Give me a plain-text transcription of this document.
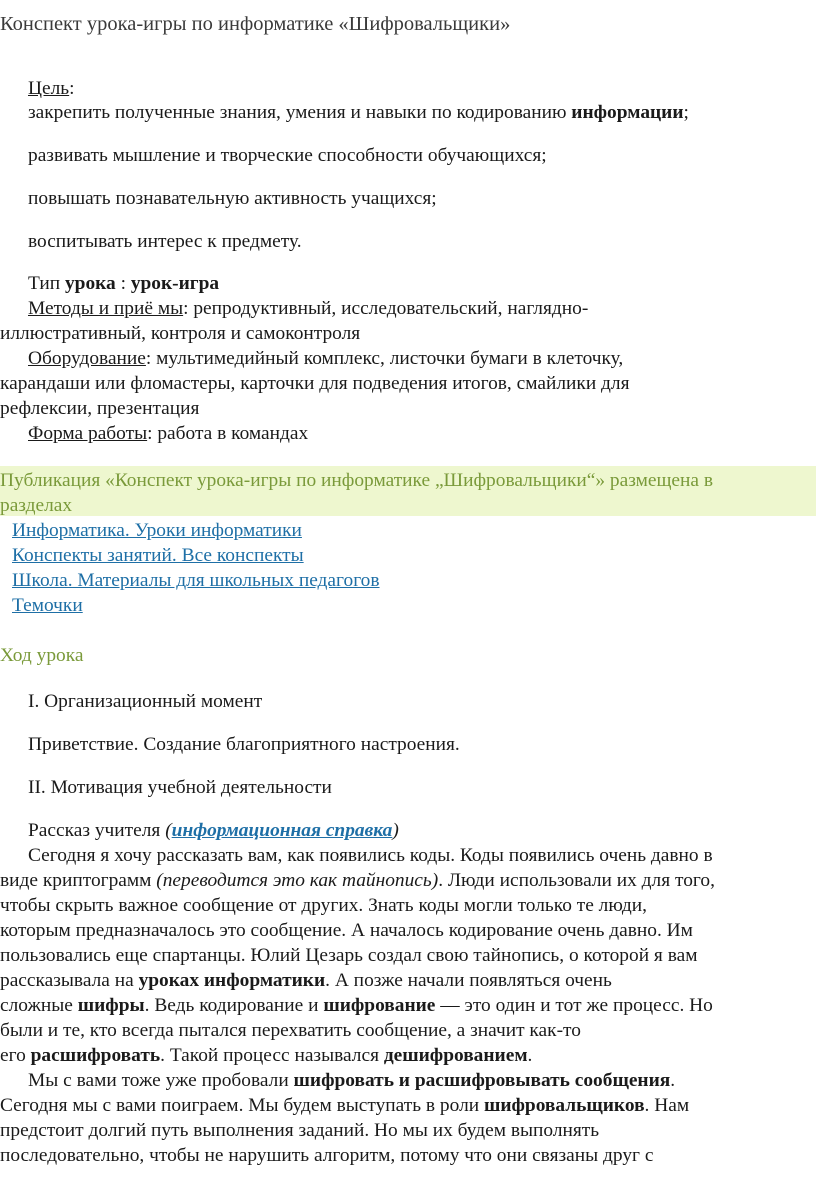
Конспект урока-игры по информатике «Шифровальщики»
Цель:
закрепить полученные знания, умения и навыки по кодированию информации;
развивать мышление и творческие способности обучающихся;
повышать познавательную активность учащихся;
воспитывать интерес к предмету.
Тип урока : урок-игра
Методы и приё мы: репродуктивный, исследовательский, наглядно-
иллюстративный, контроля и самоконтроля
Оборудование: мультимедийный комплекс, листочки бумаги в клеточку,
карандаши или фломастеры, карточки для подведения итогов, смайлики для
рефлексии, презентация
Форма работы: работа в командах
Публикация «Конспект урока-игры по информатике „Шифровальщики“» размещена в
разделах
Информатика. Уроки информатики
Конспекты занятий. Все конспекты
Школа. Материалы для школьных педагогов
Темочки
Ход урока
I. Организационный момент
Приветствие. Создание благоприятного настроения.
II. Мотивация учебной деятельности
Рассказ учителя (информационная справка)
Сегодня я хочу рассказать вам, как появились коды. Коды появились очень давно в
виде криптограмм (переводится это как тайнопись). Люди использовали их для того,
чтобы скрыть важное сообщение от других. Знать коды могли только те люди,
которым предназначалось это сообщение. А началось кодирование очень давно. Им
пользовались еще спартанцы. Юлий Цезарь создал свою тайнопись, о которой я вам
рассказывала на уроках информатики. А позже начали появляться очень
сложные шифры. Ведь кодирование и шифрование — это один и тот же процесс. Но
были и те, кто всегда пытался перехватить сообщение, а значит как-то
его расшифровать. Такой процесс назывался дешифрованием.
Мы с вами тоже уже пробовали шифровать и расшифровывать сообщения.
Сегодня мы с вами поиграем. Мы будем выступать в роли шифровальщиков. Нам
предстоит долгий путь выполнения заданий. Но мы их будем выполнять
последовательно, чтобы не нарушить алгоритм, потому что они связаны друг с
